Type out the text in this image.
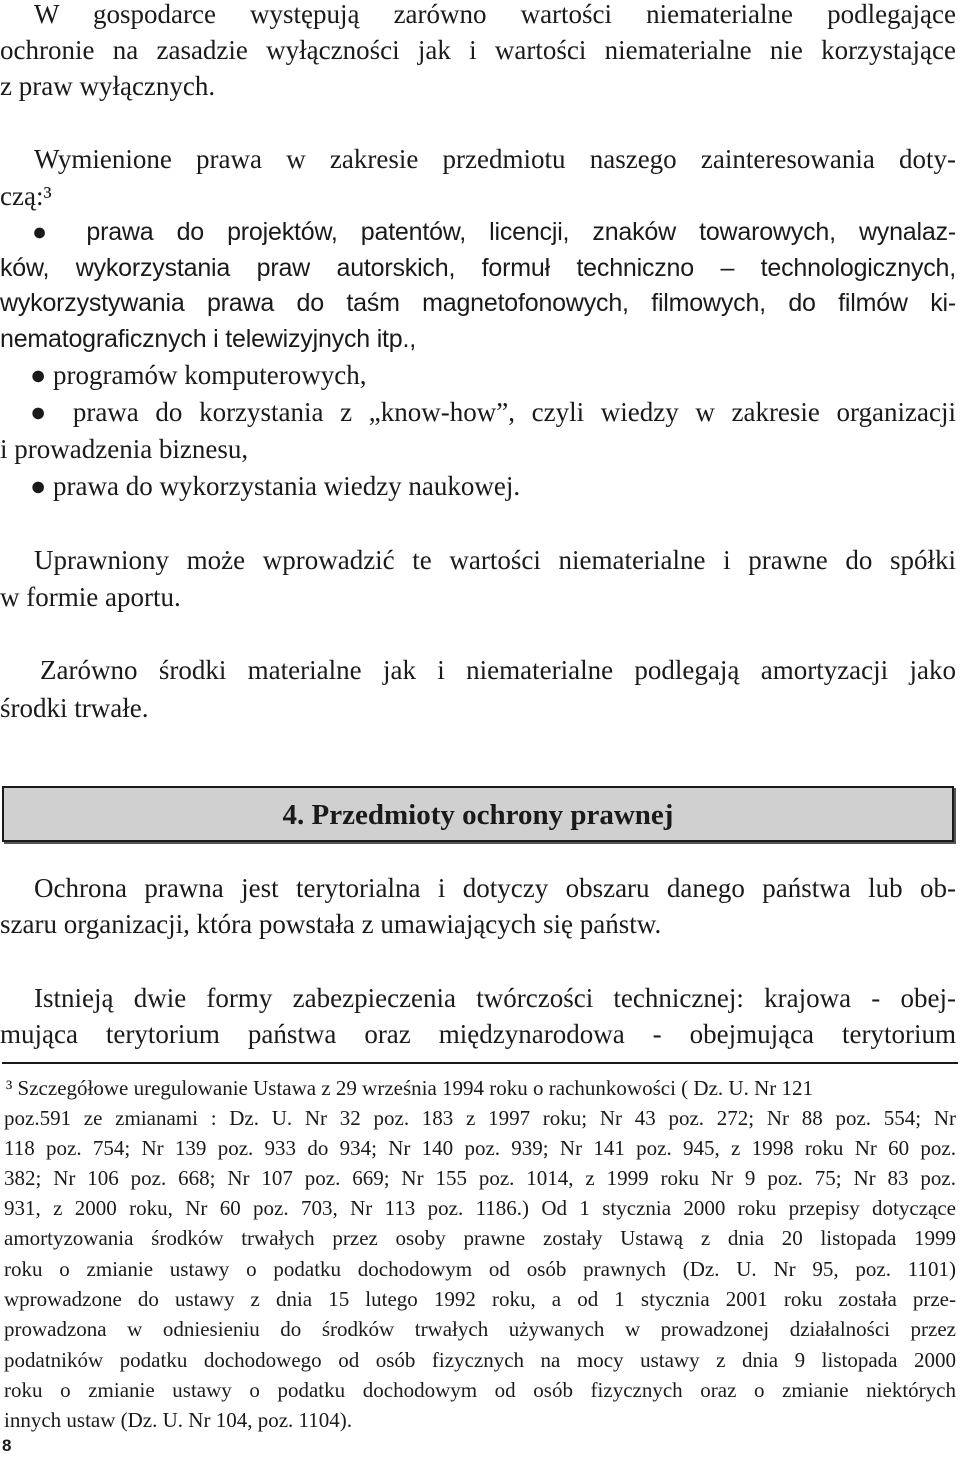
W gospodarce występują zarówno wartości niematerialne podlegające
ochronie na zasadzie wyłączności jak i wartości niematerialne nie korzystające
z praw wyłącznych.
Wymienione prawa w zakresie przedmiotu naszego zainteresowania doty-
czą:³
● prawa do projektów, patentów, licencji, znaków towarowych, wynalaz-
ków, wykorzystania praw autorskich, formuł techniczno – technologicznych,
wykorzystywania prawa do taśm magnetofonowych, filmowych, do filmów ki-
nematograficznych i telewizyjnych itp.,
● programów komputerowych,
● prawa do korzystania z „know-how”, czyli wiedzy w zakresie organizacji
i prowadzenia biznesu,
● prawa do wykorzystania wiedzy naukowej.
Uprawniony może wprowadzić te wartości niematerialne i prawne do spółki
w formie aportu.
Zarówno środki materialne jak i niematerialne podlegają amortyzacji jako
środki trwałe.
4. Przedmioty ochrony prawnej
Ochrona prawna jest terytorialna i dotyczy obszaru danego państwa lub ob-
szaru organizacji, która powstała z umawiających się państw.
Istnieją dwie formy zabezpieczenia twórczości technicznej: krajowa - obej-
mująca terytorium państwa oraz międzynarodowa - obejmująca terytorium
³ Szczegółowe uregulowanie Ustawa z 29 września 1994 roku o rachunkowości ( Dz. U. Nr 121
poz.591 ze zmianami : Dz. U. Nr 32 poz. 183 z 1997 roku; Nr 43 poz. 272; Nr 88 poz. 554; Nr
118 poz. 754; Nr 139 poz. 933 do 934; Nr 140 poz. 939; Nr 141 poz. 945, z 1998 roku Nr 60 poz.
382; Nr 106 poz. 668; Nr 107 poz. 669; Nr 155 poz. 1014, z 1999 roku Nr 9 poz. 75; Nr 83 poz.
931, z 2000 roku, Nr 60 poz. 703, Nr 113 poz. 1186.) Od 1 stycznia 2000 roku przepisy dotyczące
amortyzowania środków trwałych przez osoby prawne zostały Ustawą z dnia 20 listopada 1999
roku o zmianie ustawy o podatku dochodowym od osób prawnych (Dz. U. Nr 95, poz. 1101)
wprowadzone do ustawy z dnia 15 lutego 1992 roku, a od 1 stycznia 2001 roku została prze-
prowadzona w odniesieniu do środków trwałych używanych w prowadzonej działalności przez
podatników podatku dochodowego od osób fizycznych na mocy ustawy z dnia 9 listopada 2000
roku o zmianie ustawy o podatku dochodowym od osób fizycznych oraz o zmianie niektórych
innych ustaw (Dz. U. Nr 104, poz. 1104).
8
